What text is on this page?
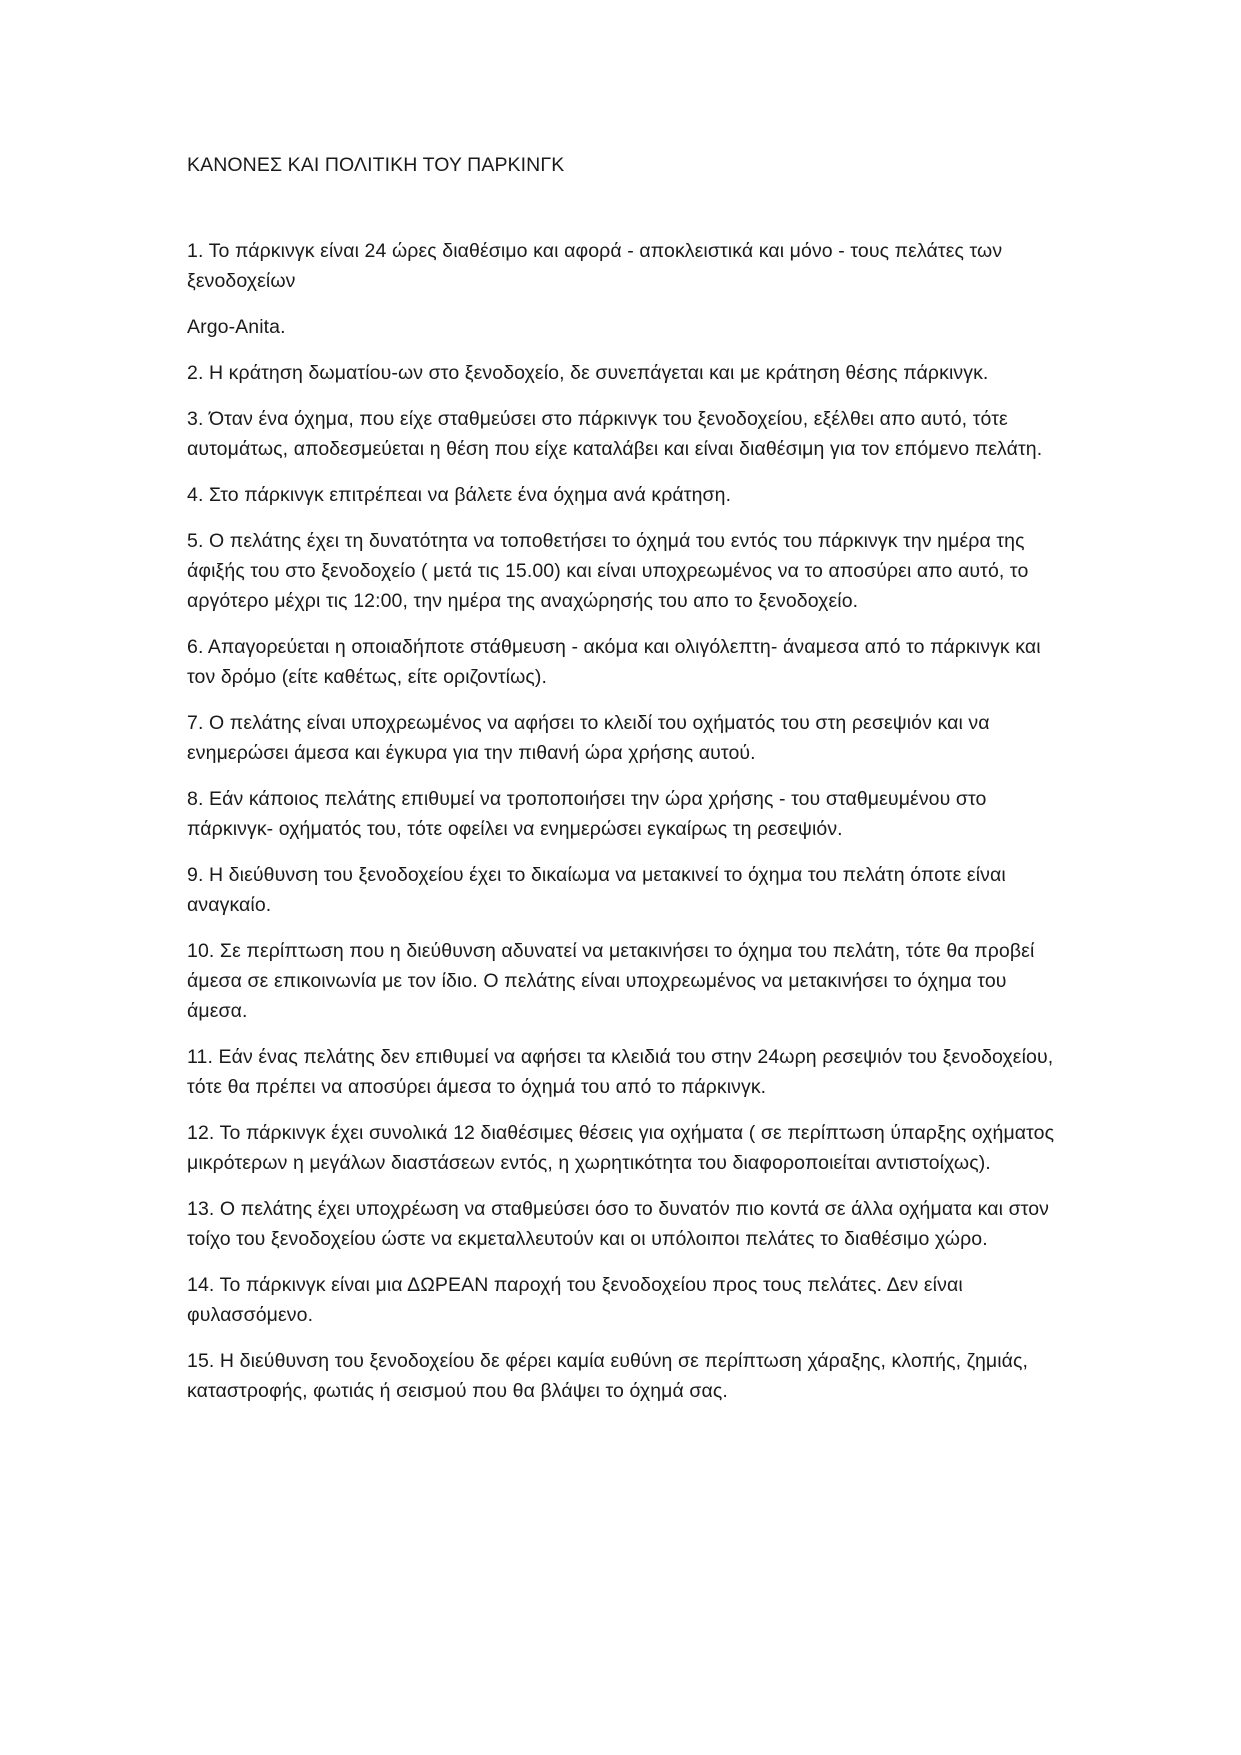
ΚΑΝΟΝΕΣ ΚΑΙ ΠΟΛΙΤΙΚΗ ΤΟΥ ΠΑΡΚΙΝΓΚ

1. Το πάρκινγκ είναι 24 ώρες διαθέσιμο και αφορά - αποκλειστικά και μόνο - τους πελάτες των ξενοδοχείων

Argo-Anita.

2. Η κράτηση δωματίου-ων στο ξενοδοχείο, δε συνεπάγεται και με κράτηση θέσης πάρκινγκ.

3. Όταν ένα όχημα, που είχε σταθμεύσει στο πάρκινγκ του ξενοδοχείου, εξέλθει απο αυτό, τότε αυτομάτως, αποδεσμεύεται η θέση που είχε καταλάβει και είναι διαθέσιμη για τον επόμενο πελάτη.

4. Στο πάρκινγκ επιτρέπεαι να βάλετε ένα όχημα ανά κράτηση.

5. Ο πελάτης έχει τη δυνατότητα να τοποθετήσει το όχημά του εντός του πάρκινγκ την ημέρα της άφιξής του στο ξενοδοχείο ( μετά τις 15.00) και είναι υποχρεωμένος να το αποσύρει απο αυτό, το αργότερο μέχρι τις 12:00, την ημέρα της αναχώρησής του απο το ξενοδοχείο.

6. Απαγορεύεται η οποιαδήποτε στάθμευση - ακόμα και ολιγόλεπτη- άναμεσα από το πάρκινγκ και τον δρόμο (είτε καθέτως, είτε οριζοντίως).

7. Ο πελάτης είναι υποχρεωμένος να αφήσει το κλειδί του οχήματός του στη ρεσεψιόν και να ενημερώσει άμεσα και έγκυρα για την πιθανή ώρα χρήσης αυτού.

8. Εάν κάποιος πελάτης επιθυμεί να τροποποιήσει την ώρα χρήσης - του σταθμευμένου στο πάρκινγκ- οχήματός του, τότε οφείλει να ενημερώσει εγκαίρως τη ρεσεψιόν.

9. Η διεύθυνση του ξενοδοχείου έχει το δικαίωμα να μετακινεί το όχημα του πελάτη όποτε είναι αναγκαίο.

10. Σε περίπτωση που η διεύθυνση αδυνατεί να μετακινήσει το όχημα του πελάτη, τότε θα προβεί άμεσα σε επικοινωνία με τον ίδιο. Ο πελάτης είναι υποχρεωμένος να μετακινήσει το όχημα του άμεσα.

11. Εάν ένας πελάτης δεν επιθυμεί να αφήσει τα κλειδιά του στην 24ωρη ρεσεψιόν του ξενοδοχείου, τότε θα πρέπει να αποσύρει άμεσα το όχημά του από το πάρκινγκ.

12. Το πάρκινγκ έχει συνολικά 12 διαθέσιμες θέσεις για οχήματα ( σε περίπτωση ύπαρξης οχήματος μικρότερων η μεγάλων διαστάσεων εντός, η χωρητικότητα του διαφοροποιείται αντιστοίχως).

13. Ο πελάτης έχει υποχρέωση να σταθμεύσει όσο το δυνατόν πιο κοντά σε άλλα οχήματα και στον τοίχο του ξενοδοχείου ώστε να εκμεταλλευτούν και οι υπόλοιποι πελάτες το διαθέσιμο χώρο.

14. Το πάρκινγκ είναι μια ΔΩΡΕΑΝ παροχή του ξενοδοχείου προς τους πελάτες. Δεν είναι φυλασσόμενο.

15. Η διεύθυνση του ξενοδοχείου δε φέρει καμία ευθύνη σε περίπτωση χάραξης, κλοπής, ζημιάς, καταστροφής, φωτιάς ή σεισμού που θα βλάψει το όχημά σας.
